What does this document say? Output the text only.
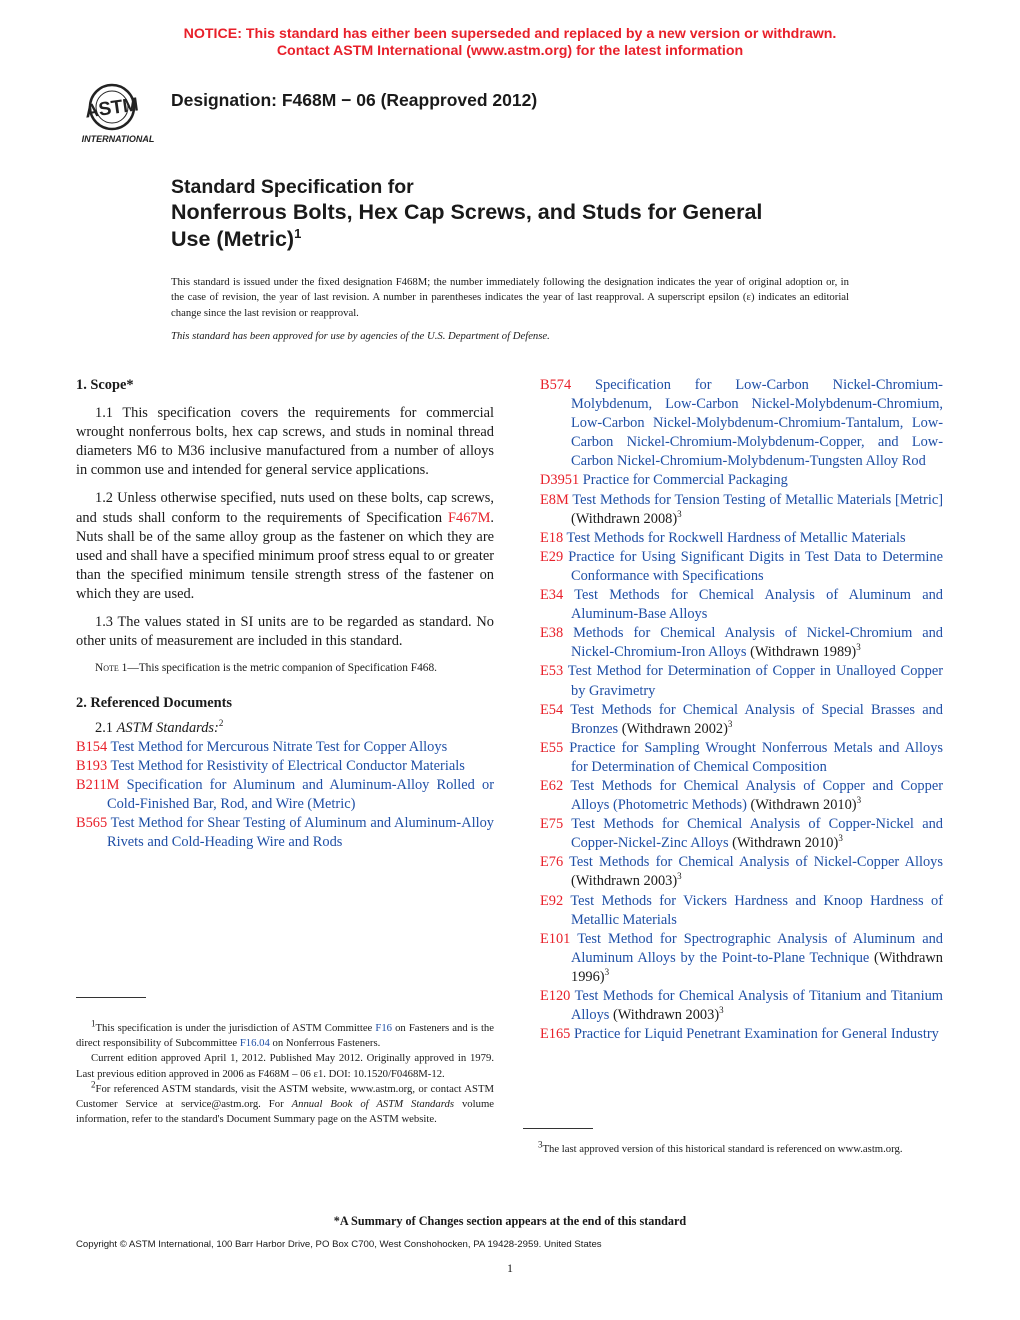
NOTICE: This standard has either been superseded and replaced by a new version or withdrawn.
Contact ASTM International (www.astm.org) for the latest information
ASTM
INTERNATIONAL
Designation: F468M − 06 (Reapproved 2012)
Standard Specification for
Nonferrous Bolts, Hex Cap Screws, and Studs for General
Use (Metric)$^1$
This standard is issued under the fixed designation F468M; the number immediately following the designation indicates the year of original adoption or, in the case of revision, the year of last revision. A number in parentheses indicates the year of last reapproval. A superscript epsilon (ε) indicates an editorial change since the last revision or reapproval.
This standard has been approved for use by agencies of the U.S. Department of Defense.

1. Scope*

1.1 This specification covers the requirements for commercial wrought nonferrous bolts, hex cap screws, and studs in nominal thread diameters M6 to M36 inclusive manufactured from a number of alloys in common use and intended for general service applications.

1.2 Unless otherwise specified, nuts used on these bolts, cap screws, and studs shall conform to the requirements of Specification F467M. Nuts shall be of the same alloy group as the fastener on which they are used and shall have a specified minimum proof stress equal to or greater than the specified minimum tensile strength stress of the fastener on which they are used.

1.3 The values stated in SI units are to be regarded as standard. No other units of measurement are included in this standard.

Note 1—This specification is the metric companion of Specification F468.

2. Referenced Documents

2.1 ASTM Standards:$^2$

B154 Test Method for Mercurous Nitrate Test for Copper Alloys

B193 Test Method for Resistivity of Electrical Conductor Materials

B211M Specification for Aluminum and Aluminum-Alloy Rolled or Cold-Finished Bar, Rod, and Wire (Metric)

B565 Test Method for Shear Testing of Aluminum and Aluminum-Alloy Rivets and Cold-Heading Wire and Rods

B574 Specification for Low-Carbon Nickel-Chromium-Molybdenum, Low-Carbon Nickel-Molybdenum-Chromium, Low-Carbon Nickel-Molybdenum-Chromium-Tantalum, Low-Carbon Nickel-Chromium-Molybdenum-Copper, and Low-Carbon Nickel-Chromium-Molybdenum-Tungsten Alloy Rod

D3951 Practice for Commercial Packaging

E8M Test Methods for Tension Testing of Metallic Materials [Metric] (Withdrawn 2008)$^3$

E18 Test Methods for Rockwell Hardness of Metallic Materials

E29 Practice for Using Significant Digits in Test Data to Determine Conformance with Specifications

E34 Test Methods for Chemical Analysis of Aluminum and Aluminum-Base Alloys

E38 Methods for Chemical Analysis of Nickel-Chromium and Nickel-Chromium-Iron Alloys (Withdrawn 1989)$^3$

E53 Test Method for Determination of Copper in Unalloyed Copper by Gravimetry

E54 Test Methods for Chemical Analysis of Special Brasses and Bronzes (Withdrawn 2002)$^3$

E55 Practice for Sampling Wrought Nonferrous Metals and Alloys for Determination of Chemical Composition

E62 Test Methods for Chemical Analysis of Copper and Copper Alloys (Photometric Methods) (Withdrawn 2010)$^3$

E75 Test Methods for Chemical Analysis of Copper-Nickel and Copper-Nickel-Zinc Alloys (Withdrawn 2010)$^3$

E76 Test Methods for Chemical Analysis of Nickel-Copper Alloys (Withdrawn 2003)$^3$

E92 Test Methods for Vickers Hardness and Knoop Hardness of Metallic Materials

E101 Test Method for Spectrographic Analysis of Aluminum and Aluminum Alloys by the Point-to-Plane Technique (Withdrawn 1996)$^3$

E120 Test Methods for Chemical Analysis of Titanium and Titanium Alloys (Withdrawn 2003)$^3$

E165 Practice for Liquid Penetrant Examination for General Industry

$^1$This specification is under the jurisdiction of ASTM Committee F16 on Fasteners and is the direct responsibility of Subcommittee F16.04 on Nonferrous Fasteners.

Current edition approved April 1, 2012. Published May 2012. Originally approved in 1979. Last previous edition approved in 2006 as F468M – 06 ε1. DOI: 10.1520/F0468M-12.

$^2$For referenced ASTM standards, visit the ASTM website, www.astm.org, or contact ASTM Customer Service at service@astm.org. For Annual Book of ASTM Standards volume information, refer to the standard's Document Summary page on the ASTM website.

$^3$The last approved version of this historical standard is referenced on www.astm.org.

*A Summary of Changes section appears at the end of this standard
Copyright © ASTM International, 100 Barr Harbor Drive, PO Box C700, West Conshohocken, PA 19428-2959. United States
1
